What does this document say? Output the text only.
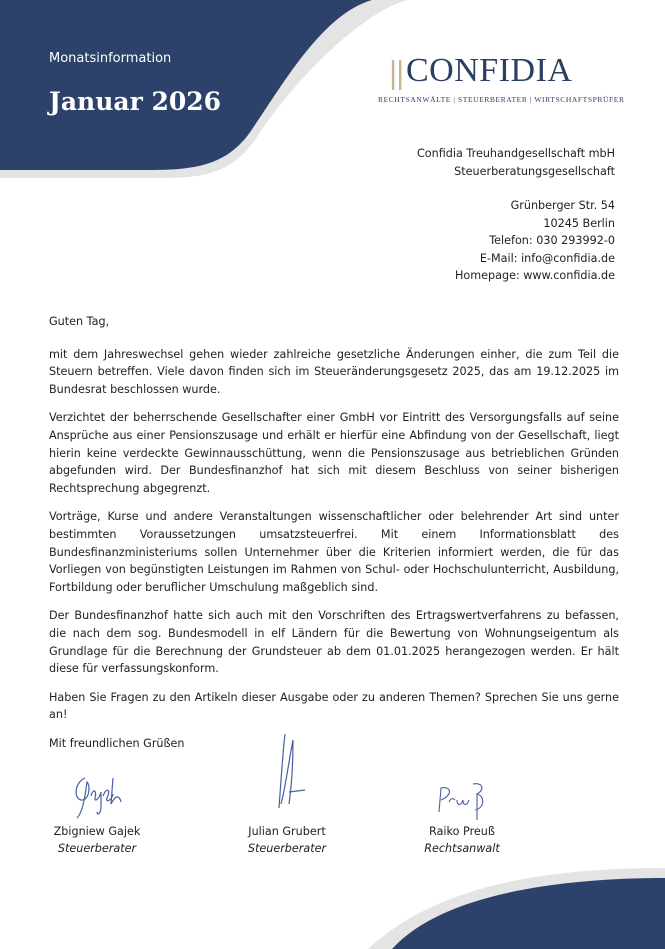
Monatsinformation
Januar 2026
|| CONFIDIA
RECHTSANWÄLTE | STEUERBERATER | WIRTSCHAFTSPRÜFER
Confidia Treuhandgesellschaft mbH
Steuerberatungsgesellschaft
Grünberger Str. 54
10245 Berlin
Telefon: 030 293992-0
E-Mail: info@confidia.de
Homepage: www.confidia.de

Guten Tag,

mit dem Jahreswechsel gehen wieder zahlreiche gesetzliche Änderungen einher, die zum Teil die Steuern betreffen. Viele davon finden sich im Steueränderungsgesetz 2025, das am 19.12.2025 im Bundesrat beschlossen wurde.

Verzichtet der beherrschende Gesellschafter einer GmbH vor Eintritt des Versorgungsfalls auf seine Ansprüche aus einer Pensionszusage und erhält er hierfür eine Abfindung von der Gesellschaft, liegt hierin keine verdeckte Gewinnausschüttung, wenn die Pensionszusage aus betrieblichen Gründen abgefunden wird. Der Bundesfinanzhof hat sich mit diesem Beschluss von seiner bisherigen Rechtsprechung abgegrenzt.

Vorträge, Kurse und andere Veranstaltungen wissenschaftlicher oder belehrender Art sind unter bestimmten Voraussetzungen umsatzsteuerfrei. Mit einem Informationsblatt des Bundesfinanzministeriums sollen Unternehmer über die Kriterien informiert werden, die für das Vorliegen von begünstigten Leistungen im Rahmen von Schul- oder Hochschulunterricht, Ausbildung, Fortbildung oder beruflicher Umschulung maßgeblich sind.

Der Bundesfinanzhof hatte sich auch mit den Vorschriften des Ertragswertverfahrens zu befassen, die nach dem sog. Bundesmodell in elf Ländern für die Bewertung von Wohnungseigentum als Grundlage für die Berechnung der Grundsteuer ab dem 01.01.2025 herangezogen werden. Er hält diese für verfassungskonform.

Haben Sie Fragen zu den Artikeln dieser Ausgabe oder zu anderen Themen? Sprechen Sie uns gerne an!

Mit freundlichen Grüßen

Zbigniew Gajek
Steuerberater
Julian Grubert
Steuerberater
Raiko Preuß
Rechtsanwalt
